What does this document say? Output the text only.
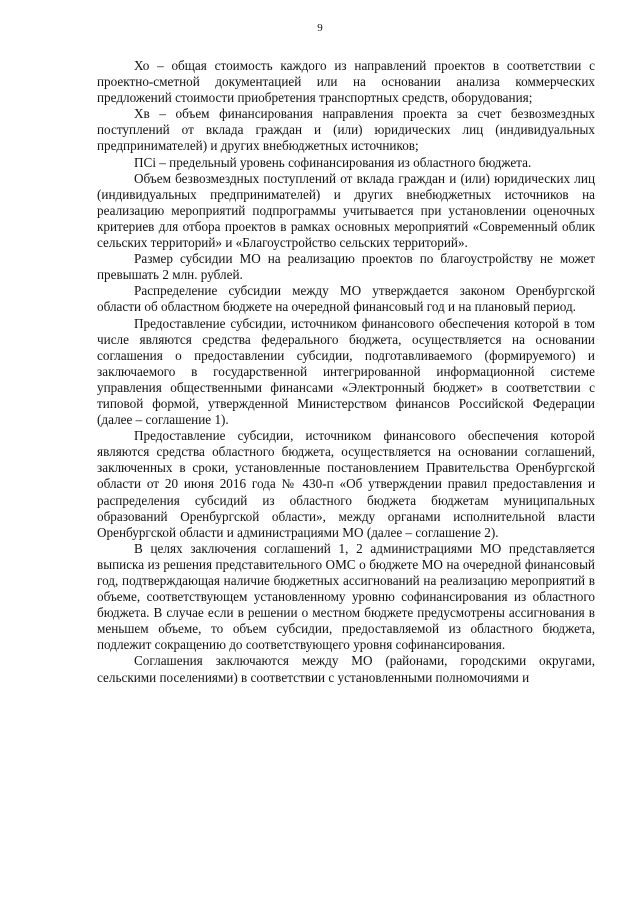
9

Хо – общая стоимость каждого из направлений проектов в соответствии с проектно-сметной документацией или на основании анализа коммерческих предложений стоимости приобретения транспортных средств, оборудования;

Хв – объем финансирования направления проекта за счет безвозмездных поступлений от вклада граждан и (или) юридических лиц (индивидуальных предпринимателей) и других внебюджетных источников;

ПСi – предельный уровень софинансирования из областного бюджета.

Объем безвозмездных поступлений от вклада граждан и (или) юридических лиц (индивидуальных предпринимателей) и других внебюджетных источников на реализацию мероприятий подпрограммы учитывается при установлении оценочных критериев для отбора проектов в рамках основных мероприятий «Современный облик сельских территорий» и «Благоустройство сельских территорий».

Размер субсидии МО на реализацию проектов по благоустройству не может превышать 2 млн. рублей.

Распределение субсидии между МО утверждается законом Оренбургской области об областном бюджете на очередной финансовый год и на плановый период.

Предоставление субсидии, источником финансового обеспечения которой в том числе являются средства федерального бюджета, осуществляется на основании соглашения о предоставлении субсидии, подготавливаемого (формируемого) и заключаемого в государственной интегрированной информационной системе управления общественными финансами «Электронный бюджет» в соответствии с типовой формой, утвержденной Министерством финансов Российской Федерации (далее – соглашение 1).

Предоставление субсидии, источником финансового обеспечения которой являются средства областного бюджета, осуществляется на основании соглашений, заключенных в сроки, установленные постановлением Правительства Оренбургской области от 20 июня 2016 года № 430-п «Об утверждении правил предоставления и распределения субсидий из областного бюджета бюджетам муниципальных образований Оренбургской области», между органами исполнительной власти Оренбургской области и администрациями МО (далее – соглашение 2).

В целях заключения соглашений 1, 2 администрациями МО представляется выписка из решения представительного ОМС о бюджете МО на очередной финансовый год, подтверждающая наличие бюджетных ассигнований на реализацию мероприятий в объеме, соответствующем установленному уровню софинансирования из областного бюджета. В случае если в решении о местном бюджете предусмотрены ассигнования в меньшем объеме, то объем субсидии, предоставляемой из областного бюджета, подлежит сокращению до соответствующего уровня софинансирования.

Соглашения заключаются между МО (районами, городскими округами, сельскими поселениями) в соответствии с установленными полномочиями и
